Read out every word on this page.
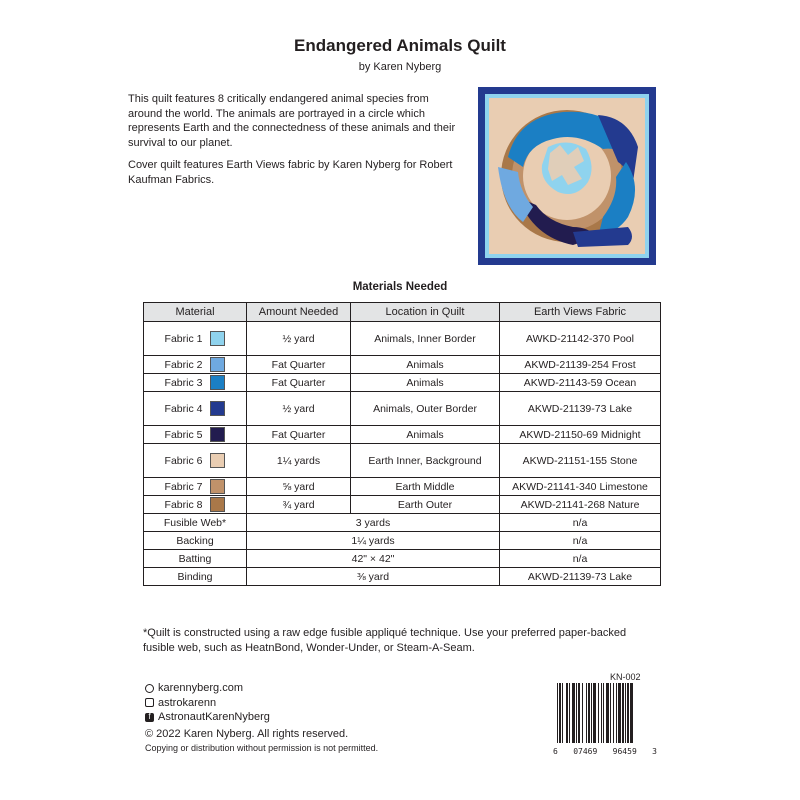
Endangered Animals Quilt
by Karen Nyberg

This quilt features 8 critically endangered animal species from around the world. The animals are portrayed in a circle which represents Earth and the connectedness of these animals and their survival to our planet.

Cover quilt features Earth Views fabric by Karen Nyberg for Robert Kaufman Fabrics.

Materials Needed
Material	Amount Needed	Location in Quilt	Earth Views Fabric

Fabric 1	½ yard	Animals, Inner Border	AWKD-21142-370 Pool

Fabric 2	Fat Quarter	Animals	AKWD-21139-254 Frost

Fabric 3	Fat Quarter	Animals	AKWD-21143-59 Ocean

Fabric 4	½ yard	Animals, Outer Border	AKWD-21139-73 Lake

Fabric 5	Fat Quarter	Animals	AKWD-21150-69 Midnight

Fabric 6	1¼ yards	Earth Inner, Background	AKWD-21151-155 Stone

Fabric 7	⅝ yard	Earth Middle	AKWD-21141-340 Limestone

Fabric 8	¾ yard	Earth Outer	AKWD-21141-268 Nature
Fusible Web*	3 yards		n/a
Backing	1¼ yards		n/a
Batting	42" × 42"		n/a
Binding	⅜ yard		AKWD-21139-73 Lake
*Quilt is constructed using a raw edge fusible appliqué technique. Use your preferred paper-backed fusible web, such as HeatnBond, Wonder-Under, or Steam-A-Seam.
karennyberg.com
astrokarenn
f AstronautKarenNyberg
© 2022 Karen Nyberg. All rights reserved.
Copying or distribution without permission is not permitted.
KN-002
6 07469 96459 3
